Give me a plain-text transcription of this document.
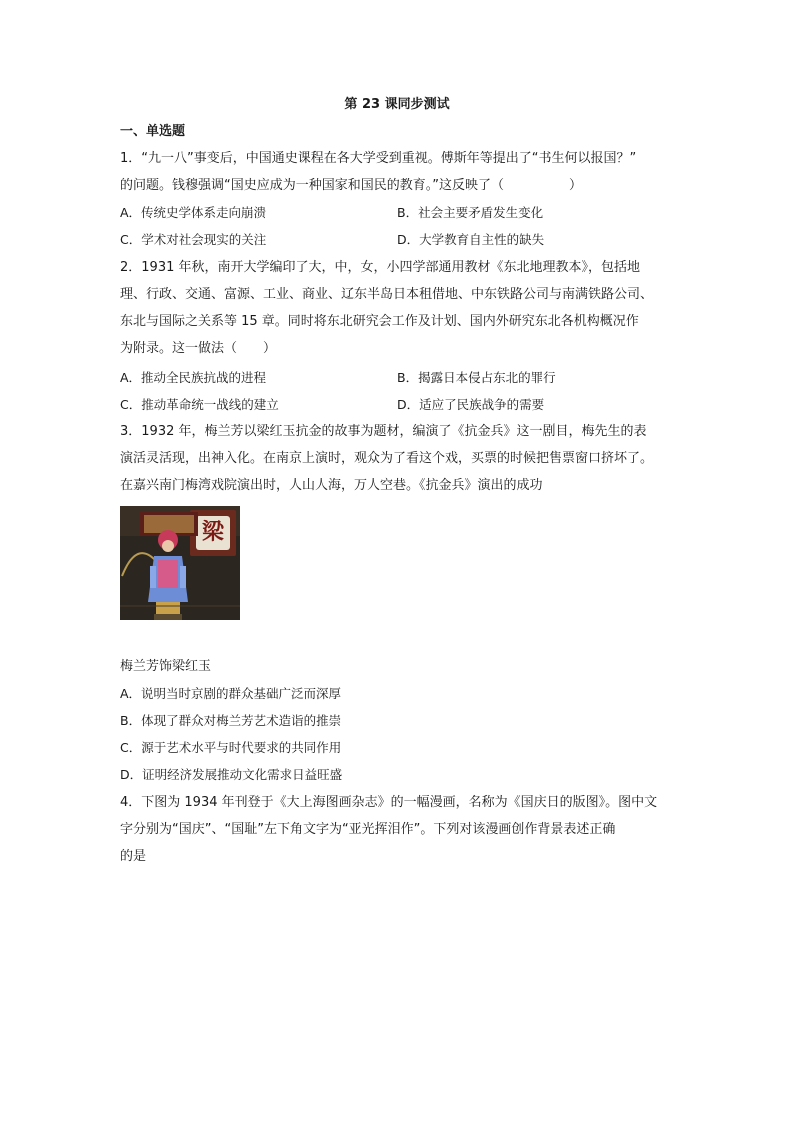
第 23 课同步测试
一、单选题
1．“九一八”事变后，中国通史课程在各大学受到重视。傅斯年等提出了“书生何以报国？”
的问题。钱穆强调“国史应成为一种国家和国民的教育。”这反映了（　　　　　）
A．传统史学体系走向崩溃	B．社会主要矛盾发生变化
C．学术对社会现实的关注	D．大学教育自主性的缺失
2．1931 年秋，南开大学编印了大，中，女，小四学部通用教材《东北地理教本》，包括地
理、行政、交通、富源、工业、商业、辽东半岛日本租借地、中东铁路公司与南满铁路公司、
东北与国际之关系等 15 章。同时将东北研究会工作及计划、国内外研究东北各机构概况作
为附录。这一做法（　　）
A．推动全民族抗战的进程	B．揭露日本侵占东北的罪行
C．推动革命统一战线的建立	D．适应了民族战争的需要
3．1932 年，梅兰芳以梁红玉抗金的故事为题材，编演了《抗金兵》这一剧目，梅先生的表
演活灵活现，出神入化。在南京上演时，观众为了看这个戏，买票的时候把售票窗口挤坏了。
在嘉兴南门梅湾戏院演出时，人山人海，万人空巷。《抗金兵》演出的成功
梁
梅兰芳饰梁红玉
A．说明当时京剧的群众基础广泛而深厚
B．体现了群众对梅兰芳艺术造诣的推崇
C．源于艺术水平与时代要求的共同作用
D．证明经济发展推动文化需求日益旺盛
4．下图为 1934 年刊登于《大上海图画杂志》的一幅漫画，名称为《国庆日的版图》。图中文
字分别为“国庆”、“国耻”左下角文字为“亚光挥泪作”。下列对该漫画创作背景表述正确
的是
